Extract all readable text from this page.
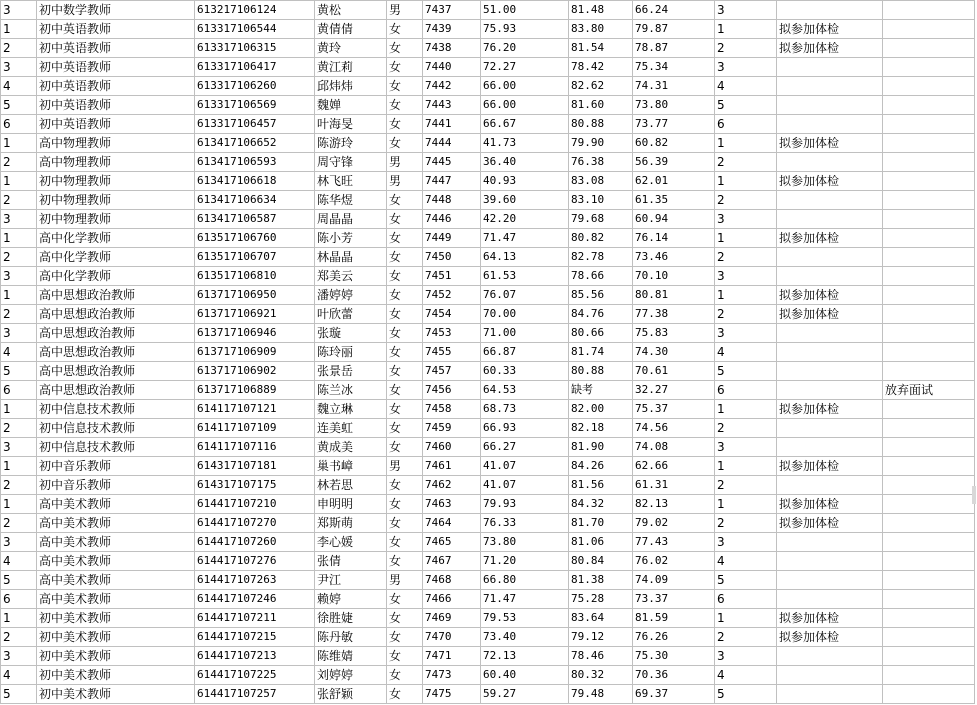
3	初中数学教师	613217106124	黄松	男	7437	51.00	81.48	66.24	3		
1	初中英语教师	613317106544	黄倩倩	女	7439	75.93	83.80	79.87	1	拟参加体检	
2	初中英语教师	613317106315	黄玲	女	7438	76.20	81.54	78.87	2	拟参加体检	
3	初中英语教师	613317106417	黄江莉	女	7440	72.27	78.42	75.34	3		
4	初中英语教师	613317106260	邱炜炜	女	7442	66.00	82.62	74.31	4		
5	初中英语教师	613317106569	魏婵	女	7443	66.00	81.60	73.80	5		
6	初中英语教师	613317106457	叶海旻	女	7441	66.67	80.88	73.77	6		
1	高中物理教师	613417106652	陈游玲	女	7444	41.73	79.90	60.82	1	拟参加体检	
2	高中物理教师	613417106593	周守锋	男	7445	36.40	76.38	56.39	2		
1	初中物理教师	613417106618	林飞旺	男	7447	40.93	83.08	62.01	1	拟参加体检	
2	初中物理教师	613417106634	陈华煜	女	7448	39.60	83.10	61.35	2		
3	初中物理教师	613417106587	周晶晶	女	7446	42.20	79.68	60.94	3		
1	高中化学教师	613517106760	陈小芳	女	7449	71.47	80.82	76.14	1	拟参加体检	
2	高中化学教师	613517106707	林晶晶	女	7450	64.13	82.78	73.46	2		
3	高中化学教师	613517106810	郑美云	女	7451	61.53	78.66	70.10	3		
1	高中思想政治教师	613717106950	潘婷婷	女	7452	76.07	85.56	80.81	1	拟参加体检	
2	高中思想政治教师	613717106921	叶欣蕾	女	7454	70.00	84.76	77.38	2	拟参加体检	
3	高中思想政治教师	613717106946	张璇	女	7453	71.00	80.66	75.83	3		
4	高中思想政治教师	613717106909	陈玲丽	女	7455	66.87	81.74	74.30	4		
5	高中思想政治教师	613717106902	张景岳	女	7457	60.33	80.88	70.61	5		
6	高中思想政治教师	613717106889	陈兰冰	女	7456	64.53	缺考	32.27	6		放弃面试
1	初中信息技术教师	614117107121	魏立琳	女	7458	68.73	82.00	75.37	1	拟参加体检	
2	初中信息技术教师	614117107109	连美虹	女	7459	66.93	82.18	74.56	2		
3	初中信息技术教师	614117107116	黄成美	女	7460	66.27	81.90	74.08	3		
1	初中音乐教师	614317107181	巢书嶂	男	7461	41.07	84.26	62.66	1	拟参加体检	
2	初中音乐教师	614317107175	林若思	女	7462	41.07	81.56	61.31	2		
1	高中美术教师	614417107210	申明明	女	7463	79.93	84.32	82.13	1	拟参加体检	
2	高中美术教师	614417107270	郑斯萌	女	7464	76.33	81.70	79.02	2	拟参加体检	
3	高中美术教师	614417107260	李心媛	女	7465	73.80	81.06	77.43	3		
4	高中美术教师	614417107276	张倩	女	7467	71.20	80.84	76.02	4		
5	高中美术教师	614417107263	尹江	男	7468	66.80	81.38	74.09	5		
6	高中美术教师	614417107246	赖婷	女	7466	71.47	75.28	73.37	6		
1	初中美术教师	614417107211	徐胜婕	女	7469	79.53	83.64	81.59	1	拟参加体检	
2	初中美术教师	614417107215	陈丹敏	女	7470	73.40	79.12	76.26	2	拟参加体检	
3	初中美术教师	614417107213	陈维婧	女	7471	72.13	78.46	75.30	3		
4	初中美术教师	614417107225	刘婷婷	女	7473	60.40	80.32	70.36	4		
5	初中美术教师	614417107257	张舒颖	女	7475	59.27	79.48	69.37	5		
